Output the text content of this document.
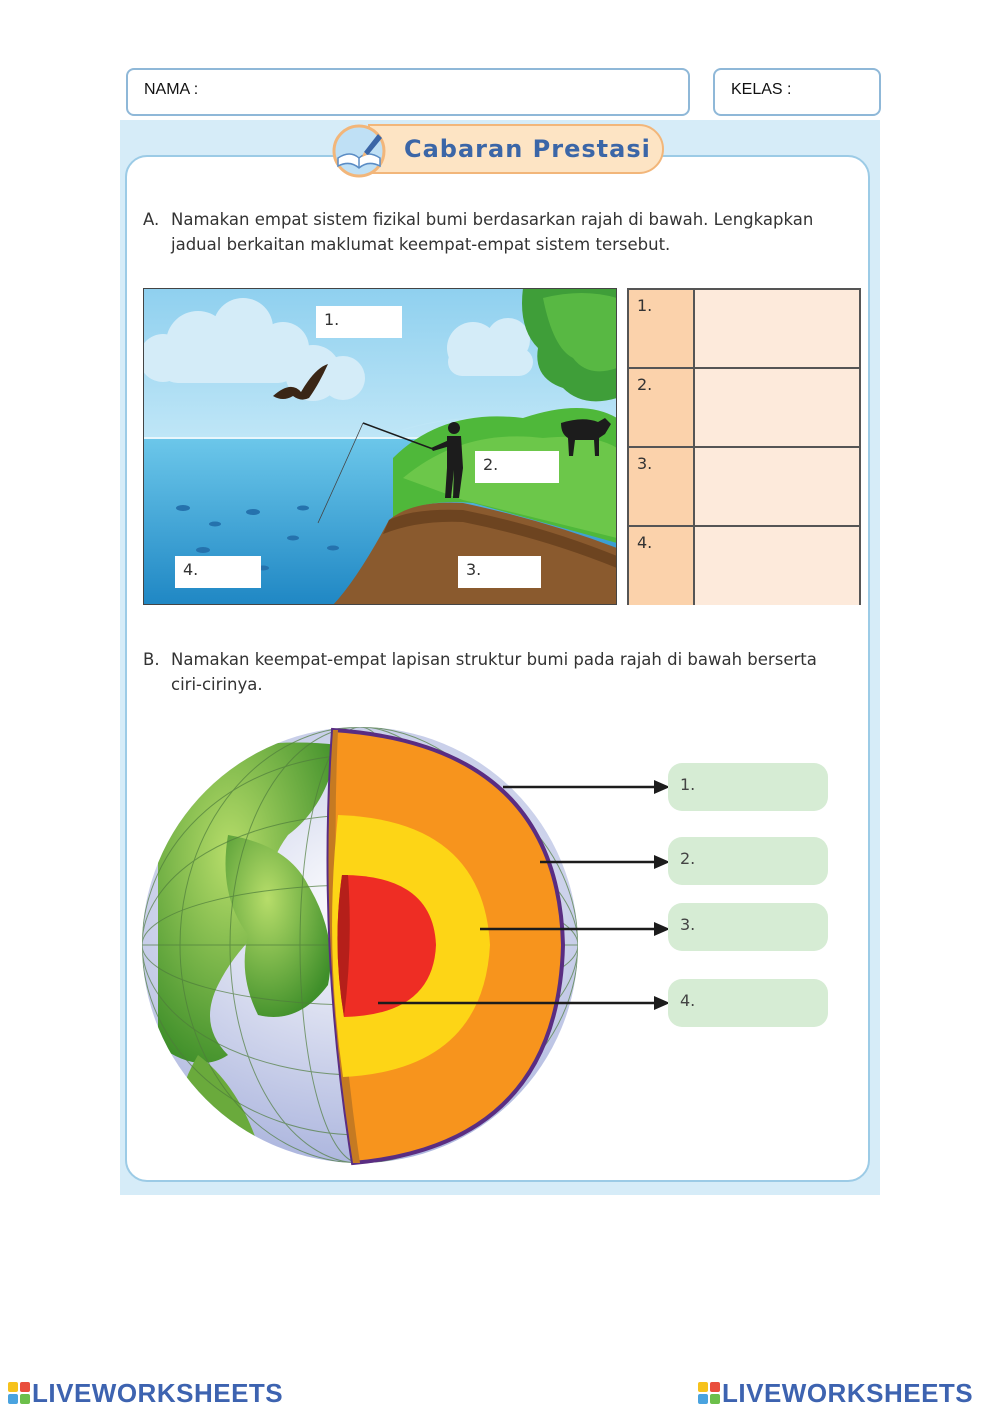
NAMA :	KELAS :
Cabaran Prestasi
A. Namakan empat sistem fizikal bumi berdasarkan rajah di bawah. Lengkapkan
jadual berkaitan maklumat keempat-empat sistem tersebut.
1.
2.
3.
4.
1.
2.
3.
4.
B. Namakan keempat-empat lapisan struktur bumi pada rajah di bawah berserta
ciri-cirinya.
1.
2.
3.
4.
LIVEWORKSHEETS	LIVEWORKSHEETS
